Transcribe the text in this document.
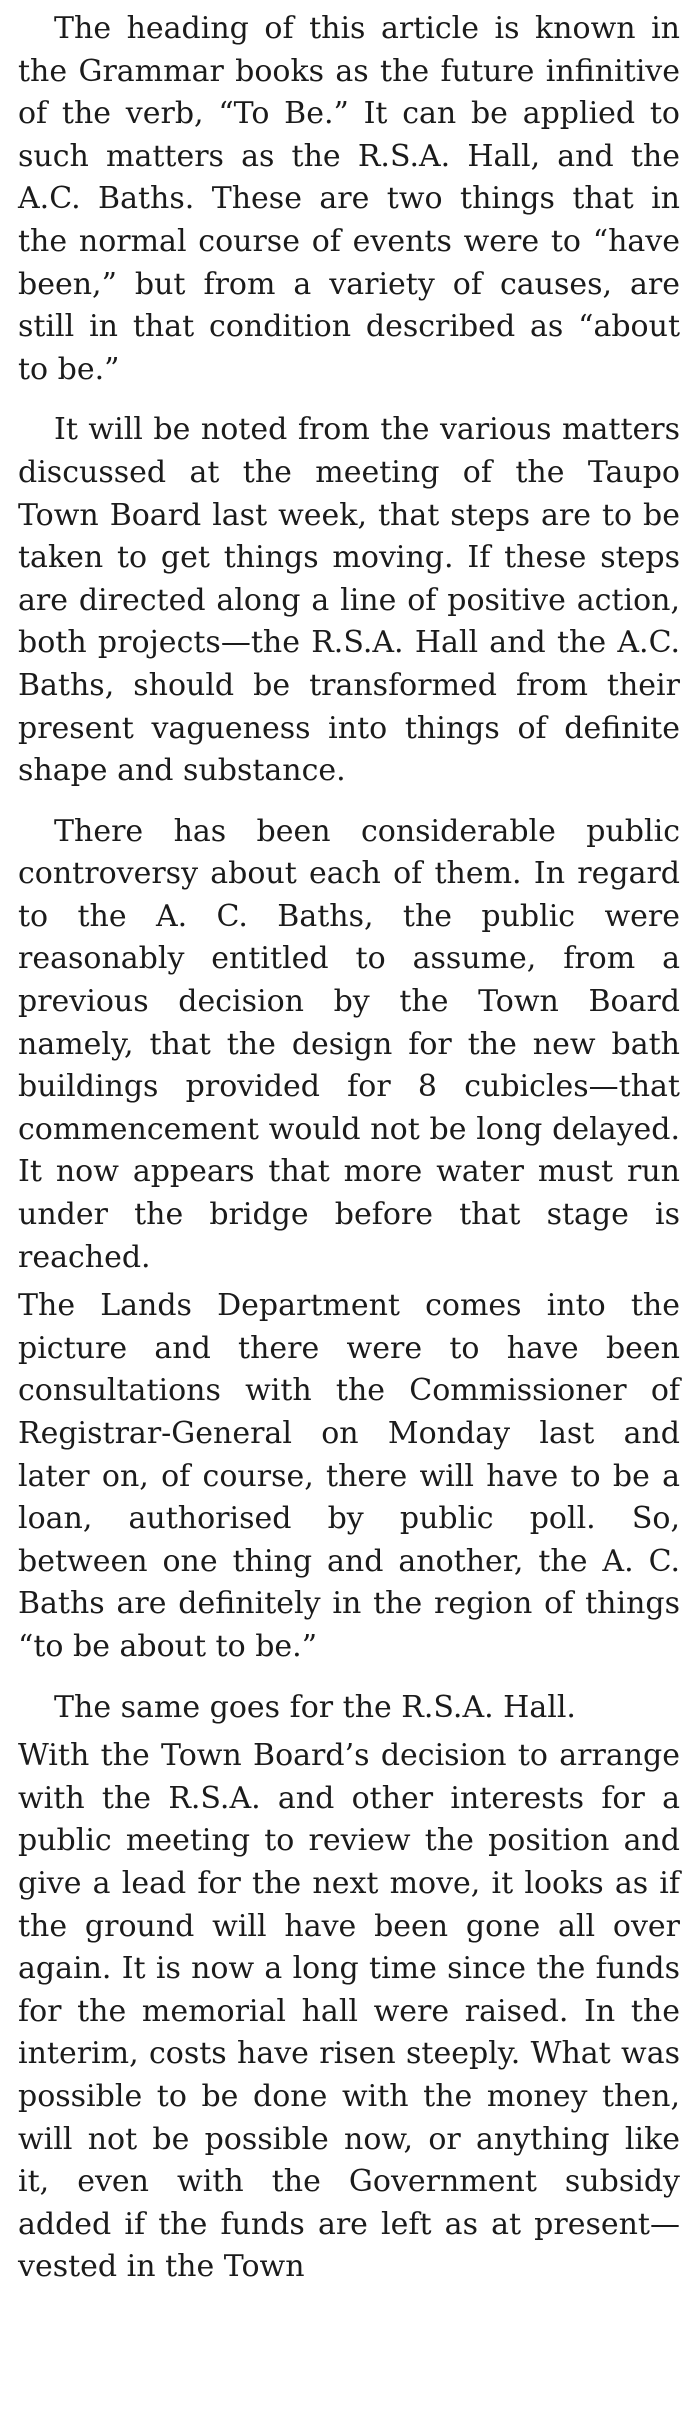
The heading of this article is known in the Grammar books as the future infinitive of the verb, “To Be.” It can be applied to such matters as the R.S.A. Hall, and the A.C. Baths. These are two things that in the normal course of events were to “have been,” but from a variety of causes, are still in that condition described as “about to be.”

It will be noted from the various matters discussed at the meeting of the Taupo Town Board last week, that steps are to be taken to get things moving. If these steps are directed along a line of positive action, both projects—the R.S.A. Hall and the A.C. Baths, should be transformed from their present vagueness into things of definite shape and substance.

There has been considerable public controversy about each of them. In regard to the A. C. Baths, the public were reasonably entitled to assume, from a previous decision by the Town Board namely, that the design for the new bath buildings provided for 8 cubicles—that commencement would not be long delayed. It now appears that more water must run under the bridge before that stage is reached.

The Lands Department comes into the picture and there were to have been consultations with the Commissioner of Registrar-General on Monday last and later on, of course, there will have to be a loan, authorised by public poll. So, between one thing and another, the A. C. Baths are definitely in the region of things “to be about to be.”

The same goes for the R.S.A. Hall.

With the Town Board’s decision to arrange with the R.S.A. and other interests for a public meeting to review the position and give a lead for the next move, it looks as if the ground will have been gone all over again. It is now a long time since the funds for the memorial hall were raised. In the interim, costs have risen steeply. What was possible to be done with the money then, will not be possible now, or anything like it, even with the Government subsidy added if the funds are left as at present—vested in the Town
